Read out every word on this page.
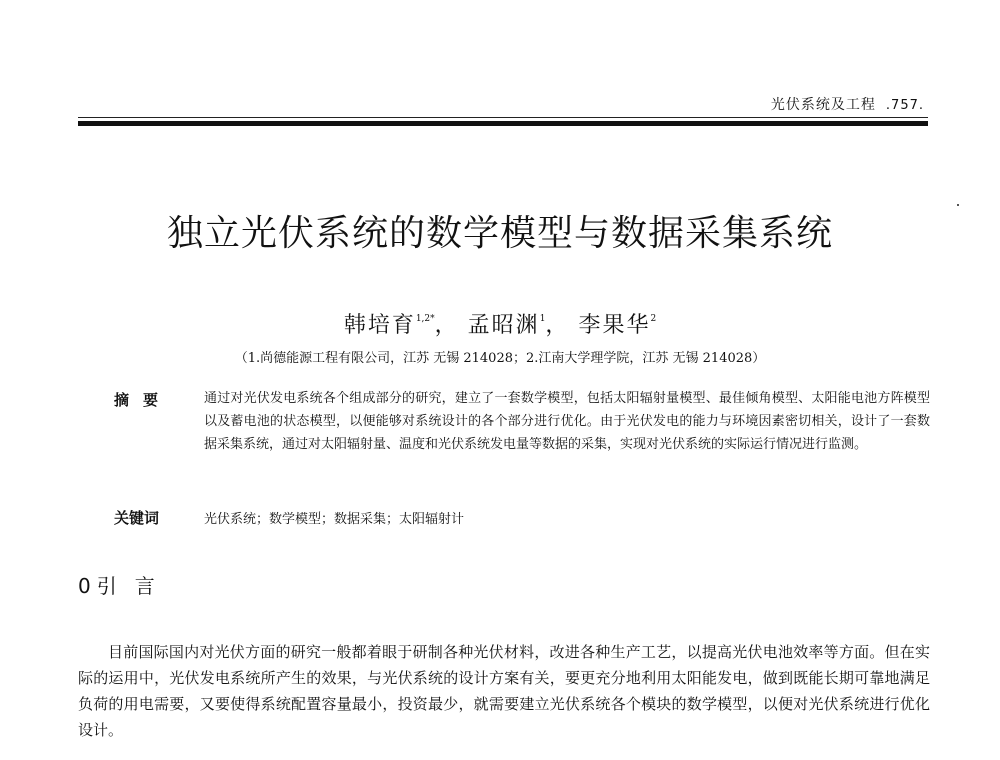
光伏系统及工程 .757.
独立光伏系统的数学模型与数据采集系统
韩培育$^{1,2*}$， 孟昭渊$^1$， 李果华$^2$
（1.尚德能源工程有限公司，江苏 无锡 214028；2.江南大学理学院，江苏 无锡 214028）
摘要 通过对光伏发电系统各个组成部分的研究，建立了一套数学模型，包括太阳辐射量模型、最佳倾角模型、太阳能电池方阵模型以及蓄电池的状态模型，以便能够对系统设计的各个部分进行优化。由于光伏发电的能力与环境因素密切相关，设计了一套数据采集系统，通过对太阳辐射量、温度和光伏系统发电量等数据的采集，实现对光伏系统的实际运行情况进行监测。
关键词	光伏系统；数学模型；数据采集；太阳辐射计
0 引言
目前国际国内对光伏方面的研究一般都着眼于研制各种光伏材料，改进各种生产工艺，以提高光伏电池效率等方面。但在实际的运用中，光伏发电系统所产生的效果，与光伏系统的设计方案有关，要更充分地利用太阳能发电，做到既能长期可靠地满足负荷的用电需要，又要使得系统配置容量最小，投资最少，就需要建立光伏系统各个模块的数学模型，以便对光伏系统进行优化设计。
